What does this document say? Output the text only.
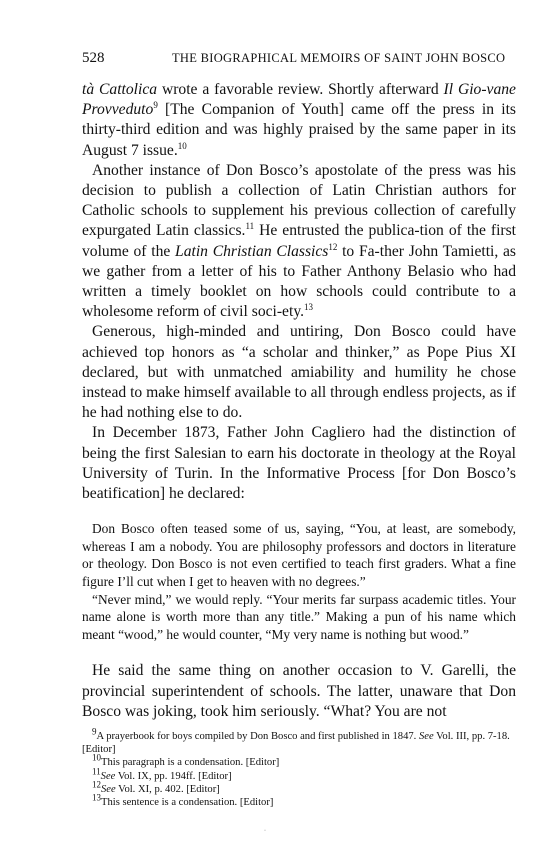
528	THE BIOGRAPHICAL MEMOIRS OF SAINT JOHN BOSCO

tà Cattolica wrote a favorable review. Shortly afterward Il Gio-vane Provveduto$^9$ [The Companion of Youth] came off the press in its thirty-third edition and was highly praised by the same paper in its August 7 issue.$^{10}$

Another instance of Don Bosco’s apostolate of the press was his decision to publish a collection of Latin Christian authors for Catholic schools to supplement his previous collection of carefully expurgated Latin classics.$^{11}$ He entrusted the publica-tion of the first volume of the Latin Christian Classics$^{12}$ to Fa-ther John Tamietti, as we gather from a letter of his to Father Anthony Belasio who had written a timely booklet on how schools could contribute to a wholesome reform of civil soci-ety.$^{13}$

Generous, high-minded and untiring, Don Bosco could have achieved top honors as “a scholar and thinker,” as Pope Pius XI declared, but with unmatched amiability and humility he chose instead to make himself available to all through endless projects, as if he had nothing else to do.

In December 1873, Father John Cagliero had the distinction of being the first Salesian to earn his doctorate in theology at the Royal University of Turin. In the Informative Process [for Don Bosco’s beatification] he declared:

Don Bosco often teased some of us, saying, “You, at least, are somebody, whereas I am a nobody. You are philosophy professors and doctors in literature or theology. Don Bosco is not even certified to teach first graders. What a fine figure I’ll cut when I get to heaven with no degrees.”

“Never mind,” we would reply. “Your merits far surpass academic titles. Your name alone is worth more than any title.” Making a pun of his name which meant “wood,” he would counter, “My very name is nothing but wood.”

He said the same thing on another occasion to V. Garelli, the provincial superintendent of schools. The latter, unaware that Don Bosco was joking, took him seriously. “What? You are not
$^9$A prayerbook for boys compiled by Don Bosco and first published in 1847. See Vol. III, pp. 7-18. [Editor]
$^{10}$This paragraph is a condensation. [Editor]
$^{11}$See Vol. IX, pp. 194ff. [Editor]
$^{12}$See Vol. XI, p. 402. [Editor]
$^{13}$This sentence is a condensation. [Editor]
·
